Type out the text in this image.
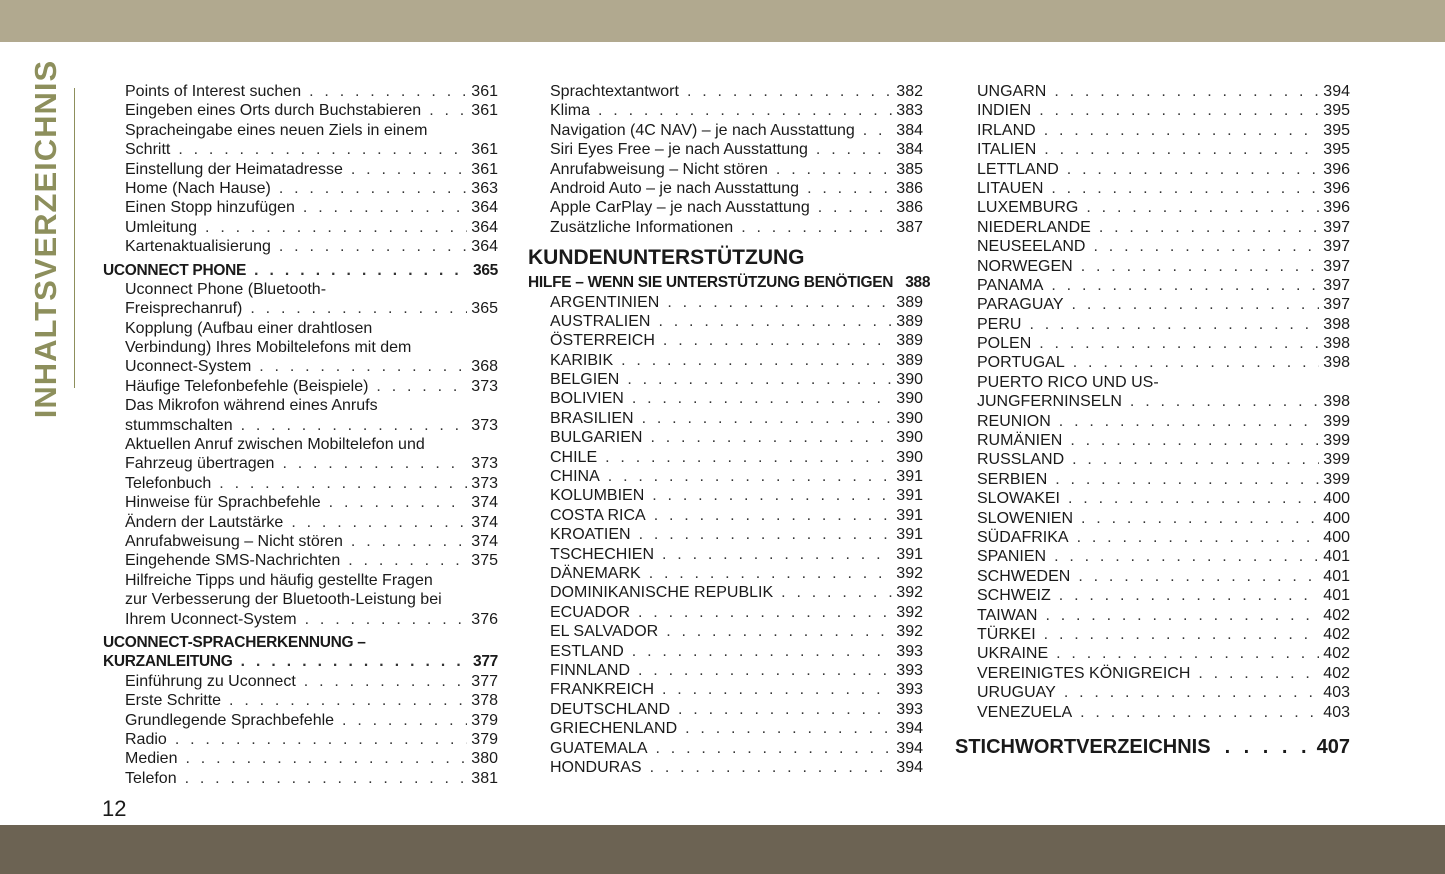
INHALTSVERZEICHNIS	Points of Interest suchen . . .	361
Eingeben eines Orts durch Buchstabieren . . .	361
Spracheingabe eines neuen Ziels in einem
Schritt . . .	361
Einstellung der Heimatadresse . . .	361
Home (Nach Hause) . . .	363
Einen Stopp hinzufügen . . .	364
Umleitung . . .	364
Kartenaktualisierung . . .	364
UCONNECT PHONE . . .	365
Uconnect Phone (Bluetooth-
Freisprechanruf) . . .	365
Kopplung (Aufbau einer drahtlosen
Verbindung) Ihres Mobiltelefons mit dem
Uconnect-System . . .	368
Häufige Telefonbefehle (Beispiele) . . .	373
Das Mikrofon während eines Anrufs
stummschalten . . .	373
Aktuellen Anruf zwischen Mobiltelefon und
Fahrzeug übertragen . . .	373
Telefonbuch . . .	373
Hinweise für Sprachbefehle . . .	374
Ändern der Lautstärke . . .	374
Anrufabweisung – Nicht stören . . .	374
Eingehende SMS-Nachrichten . . .	375
Hilfreiche Tipps und häufig gestellte Fragen
zur Verbesserung der Bluetooth-Leistung bei
Ihrem Uconnect-System . . .	376
UCONNECT-SPRACHERKENNUNG –
KURZANLEITUNG . . .	377
Einführung zu Uconnect . . .	377
Erste Schritte . . .	378
Grundlegende Sprachbefehle . . .	379
Radio . . .	379
Medien . . .	380
Telefon . . .	381
Sprachtextantwort . . .	382
Klima . . .	383
Navigation (4C NAV) – je nach Ausstattung . . .	384
Siri Eyes Free – je nach Ausstattung . . .	384
Anrufabweisung – Nicht stören . . .	385
Android Auto – je nach Ausstattung . . .	386
Apple CarPlay – je nach Ausstattung . . .	386
Zusätzliche Informationen . . .	387
KUNDENUNTERSTÜTZUNG
HILFE – WENN SIE UNTERSTÜTZUNG BENÖTIGEN 388
ARGENTINIEN . . .	389
AUSTRALIEN . . .	389
ÖSTERREICH . . .	389
KARIBIK . . .	389
BELGIEN . . .	390
BOLIVIEN . . .	390
BRASILIEN . . .	390
BULGARIEN . . .	390
CHILE . . .	390
CHINA . . .	391
KOLUMBIEN . . .	391
COSTA RICA . . .	391
KROATIEN . . .	391
TSCHECHIEN . . .	391
DÄNEMARK . . .	392
DOMINIKANISCHE REPUBLIK . . .	392
ECUADOR . . .	392
EL SALVADOR . . .	392
ESTLAND . . .	393
FINNLAND . . .	393
FRANKREICH . . .	393
DEUTSCHLAND . . .	393
GRIECHENLAND . . .	394
GUATEMALA . . .	394
HONDURAS . . .	394
UNGARN . . .	394
INDIEN . . .	395
IRLAND . . .	395
ITALIEN . . .	395
LETTLAND . . .	396
LITAUEN . . .	396
LUXEMBURG . . .	396
NIEDERLANDE . . .	397
NEUSEELAND . . .	397
NORWEGEN . . .	397
PANAMA . . .	397
PARAGUAY . . .	397
PERU . . .	398
POLEN . . .	398
PORTUGAL . . .	398
PUERTO RICO UND US-
JUNGFERNINSELN . . .	398
REUNION . . .	399
RUMÄNIEN . . .	399
RUSSLAND . . .	399
SERBIEN . . .	399
SLOWAKEI . . .	400
SLOWENIEN . . .	400
SÜDAFRIKA . . .	400
SPANIEN . . .	401
SCHWEDEN . . .	401
SCHWEIZ . . .	401
TAIWAN . . .	402
TÜRKEI . . .	402
UKRAINE . . .	402
VEREINIGTES KÖNIGREICH . . .	402
URUGUAY . . .	403
VENEZUELA . . .	403
STICHWORTVERZEICHNIS . . .	407
12
